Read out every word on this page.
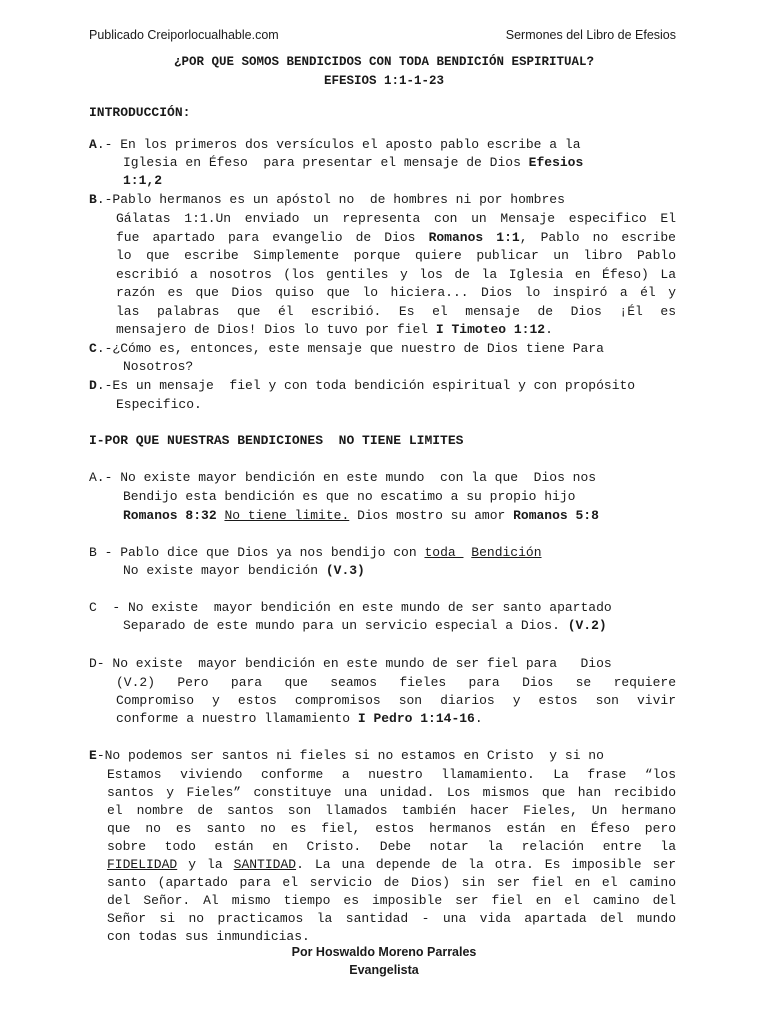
Publicado Creiporlocualhable.com	Sermones del Libro de Efesios
¿POR QUE SOMOS BENDICIDOS CON TODA BENDICIÓN ESPIRITUAL?
EFESIOS 1:1-1-23
INTRODUCCIÓN:
A.- En los primeros dos versículos el aposto pablo escribe a la
Iglesia en Éfeso  para presentar el mensaje de Dios Efesios
1:1,2
B.-Pablo hermanos es un apóstol no  de hombres ni por hombres
Gálatas 1:1.Un enviado un representa con un Mensaje especifico El
fue apartado para evangelio de Dios Romanos 1:1, Pablo no escribe
lo que escribe Simplemente porque quiere publicar un libro Pablo
escribió a nosotros (los gentiles y los de la Iglesia en Éfeso) La
razón es que Dios quiso que lo hiciera... Dios lo inspiró a él y
las palabras que él escribió. Es el mensaje de Dios ¡Él es
mensajero de Dios! Dios lo tuvo por fiel I Timoteo 1:12.
C.-¿Cómo es, entonces, este mensaje que nuestro de Dios tiene Para
Nosotros?
D.-Es un mensaje  fiel y con toda bendición espiritual y con propósito
Especifico.
I-POR QUE NUESTRAS BENDICIONES  NO TIENE LIMITES
A.- No existe mayor bendición en este mundo  con la que  Dios nos
Bendijo esta bendición es que no escatimo a su propio hijo
Romanos 8:32 No tiene limite. Dios mostro su amor Romanos 5:8
B - Pablo dice que Dios ya nos bendijo con toda  Bendición
No existe mayor bendición (V.3)
C  - No existe  mayor bendición en este mundo de ser santo apartado
Separado de este mundo para un servicio especial a Dios. (V.2)
D- No existe  mayor bendición en este mundo de ser fiel para   Dios
(V.2) Pero para que seamos fieles para Dios se requiere
Compromiso y estos compromisos son diarios y estos son vivir
conforme a nuestro llamamiento I Pedro 1:14-16.
E-No podemos ser santos ni fieles si no estamos en Cristo  y si no
Estamos viviendo conforme a nuestro llamamiento. La frase “los
santos y Fieles” constituye una unidad. Los mismos que han recibido
el nombre de santos son llamados también hacer Fieles, Un hermano
que no es santo no es fiel, estos hermanos están en Éfeso pero
sobre todo están en Cristo. Debe notar la relación entre la
FIDELIDAD y la SANTIDAD. La una depende de la otra. Es imposible ser
santo (apartado para el servicio de Dios) sin ser fiel en el camino
del Señor. Al mismo tiempo es imposible ser fiel en el camino del
Señor si no practicamos la santidad - una vida apartada del mundo
con todas sus inmundicias.
Por Hoswaldo Moreno Parrales
Evangelista
